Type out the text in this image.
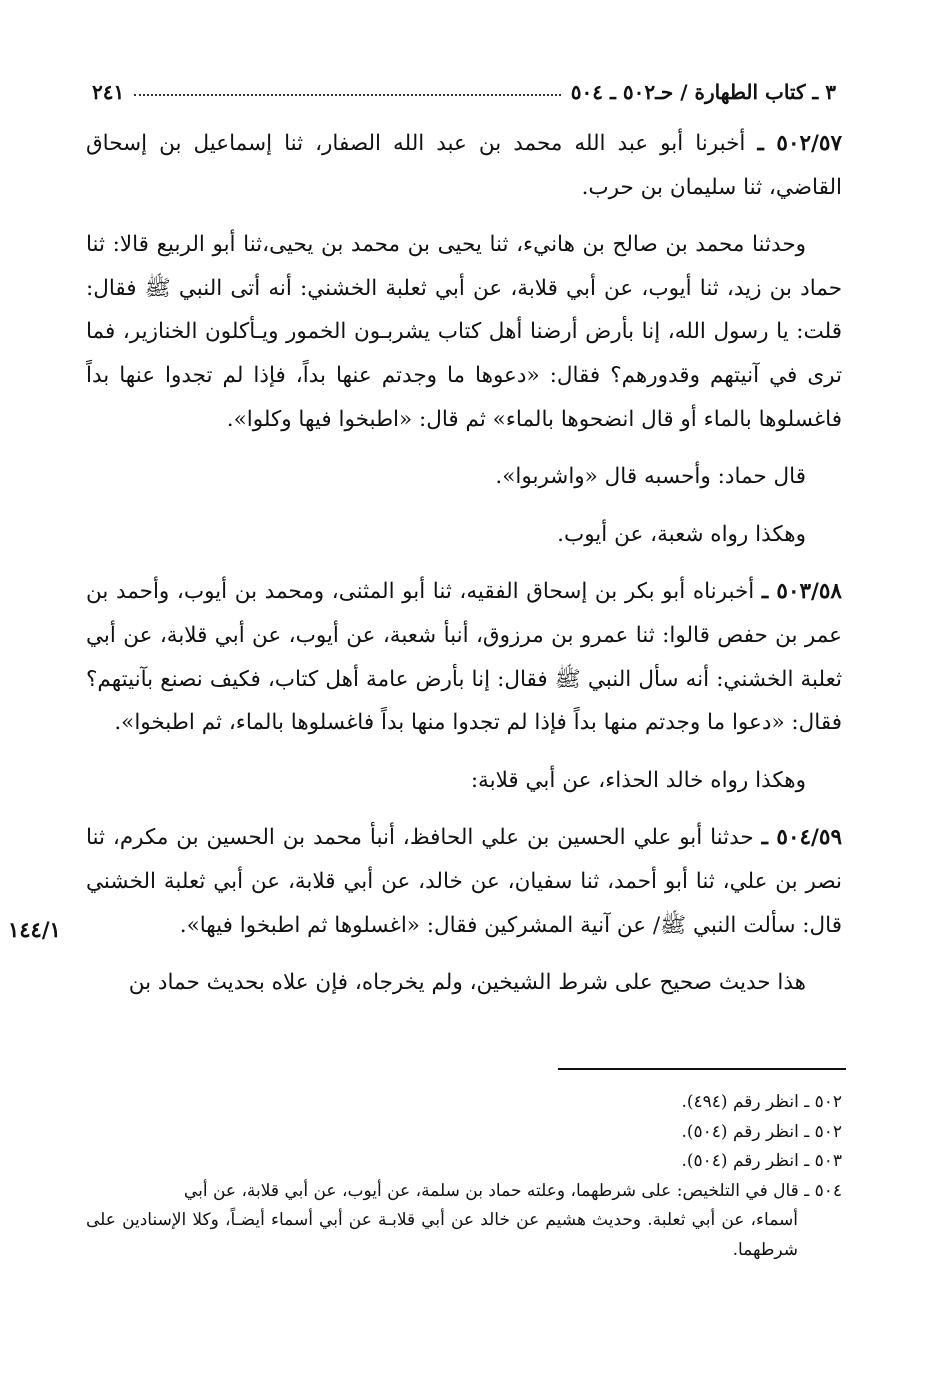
٣ ـ كتاب الطهارة / حـ٥٠٢ ـ ٥٠٤
٢٤١

٥٠٢/٥٧ ـ أخبرنا أبو عبد الله محمد بن عبد الله الصفار، ثنا إسماعيل بن إسحاق القاضي، ثنا سليمان بن حرب.

وحدثنا محمد بن صالح بن هانيء، ثنا يحيى بن محمد بن يحيى،ثنا أبو الربيع قالا: ثنا حماد بن زيد، ثنا أيوب، عن أبي قلابة، عن أبي ثعلبة الخشني: أنه أتى النبي ﷺ فقال: قلت: يا رسول الله، إنا بأرض أرضنا أهل كتاب يشربـون الخمور ويـأكلون الخنازير، فما ترى في آنيتهم وقدورهم؟ فقال: «دعوها ما وجدتم عنها بداً، فإذا لم تجدوا عنها بداً فاغسلوها بالماء أو قال انضحوها بالماء» ثم قال: «اطبخوا فيها وكلوا».

قال حماد: وأحسبه قال «واشربوا».

وهكذا رواه شعبة، عن أيوب.

٥٠٣/٥٨ ـ أخبرناه أبو بكر بن إسحاق الفقيه، ثنا أبو المثنى، ومحمد بن أيوب، وأحمد بن عمر بن حفص قالوا: ثنا عمرو بن مرزوق، أنبأ شعبة، عن أيوب، عن أبي قلابة، عن أبي ثعلبة الخشني: أنه سأل النبي ﷺ فقال: إنا بأرض عامة أهل كتاب، فكيف نصنع بآنيتهم؟ فقال: «دعوا ما وجدتم منها بداً فإذا لم تجدوا منها بداً فاغسلوها بالماء، ثم اطبخوا».

وهكذا رواه خالد الحذاء، عن أبي قلابة:

٥٠٤/٥٩ ـ حدثنا أبو علي الحسين بن علي الحافظ، أنبأ محمد بن الحسين بن مكرم، ثنا نصر بن علي، ثنا أبو أحمد، ثنا سفيان، عن خالد، عن أبي قلابة، عن أبي ثعلبة الخشني قال: سألت النبي ﷺ/ عن آنية المشركين فقال: «اغسلوها ثم اطبخوا فيها».

هذا حديث صحيح على شرط الشيخين، ولم يخرجاه، فإن علاه بحديث حماد بن

١٤٤/١

٥٠٢ ـ انظر رقم (٤٩٤).

٥٠٢ ـ انظر رقم (٥٠٤).

٥٠٣ ـ انظر رقم (٥٠٤).

٥٠٤ ـ قال في التلخيص: على شرطهما، وعلته حماد بن سلمة، عن أيوب، عن أبي قلابة، عن أبي

أسماء، عن أبي ثعلبة. وحديث هشيم عن خالد عن أبي قلابـة عن أبي أسماء أيضـاً، وكلا الإسنادين على شرطهما.
